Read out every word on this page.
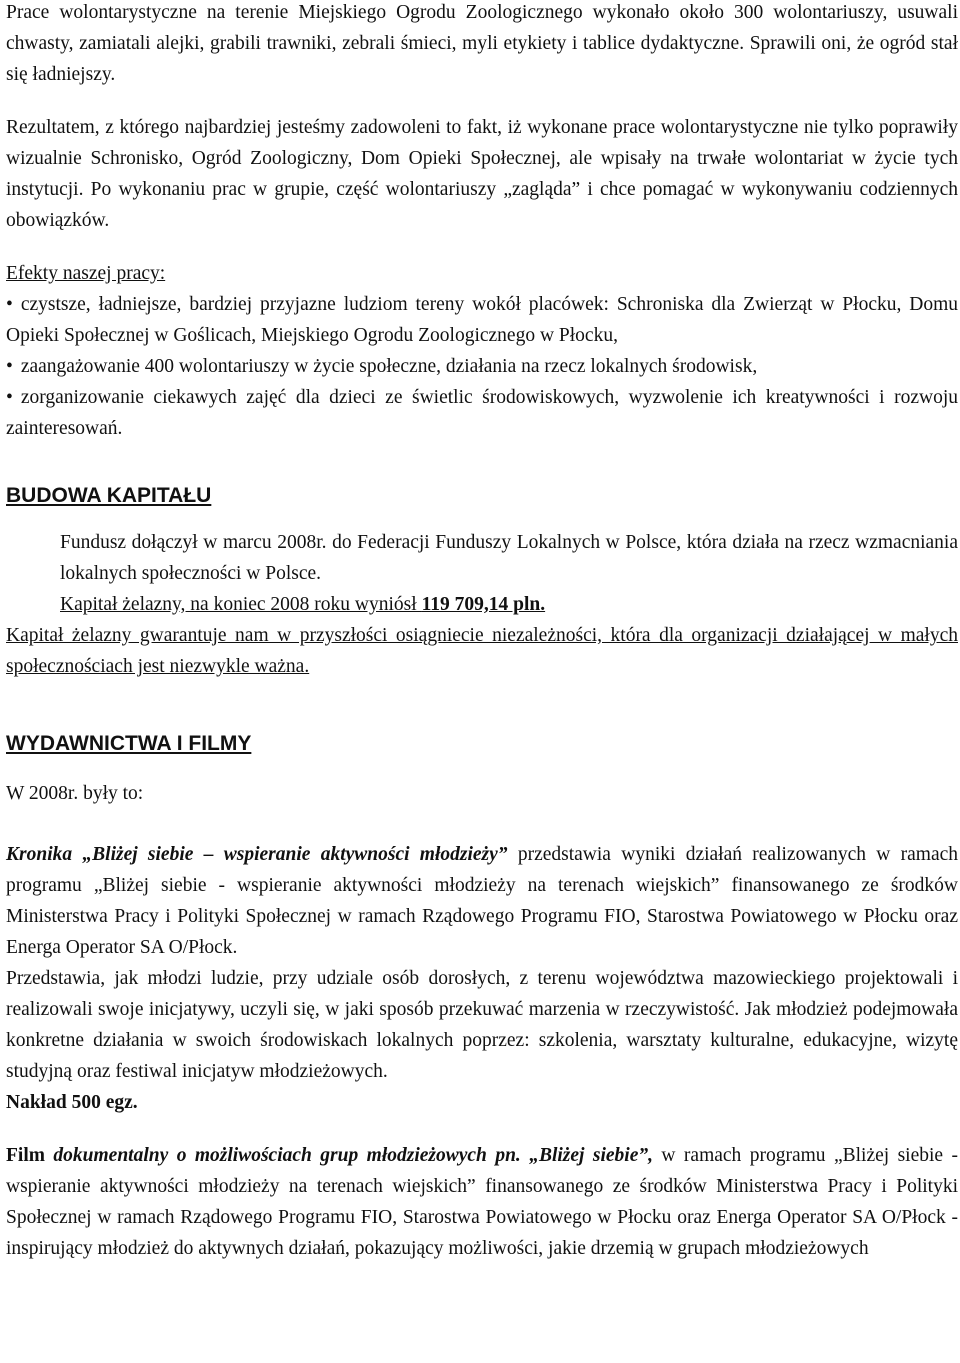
Prace wolontarystyczne na terenie Miejskiego Ogrodu Zoologicznego wykonało około 300 wolontariuszy, usuwali chwasty, zamiatali alejki, grabili trawniki, zebrali śmieci, myli etykiety i tablice dydaktyczne. Sprawili oni, że ogród stał się ładniejszy.

Rezultatem, z którego najbardziej jesteśmy zadowoleni to fakt, iż wykonane prace wolontarystyczne nie tylko poprawiły wizualnie Schronisko, Ogród Zoologiczny, Dom Opieki Społecznej, ale wpisały na trwałe wolontariat w życie tych instytucji. Po wykonaniu prac w grupie, część wolontariuszy „zagląda” i chce pomagać w wykonywaniu codziennych obowiązków.

Efekty naszej pracy:

• czystsze, ładniejsze, bardziej przyjazne ludziom tereny wokół placówek: Schroniska dla Zwierząt w Płocku, Domu Opieki Społecznej w Goślicach, Miejskiego Ogrodu Zoologicznego w Płocku,

• zaangażowanie 400 wolontariuszy w życie społeczne, działania na rzecz lokalnych środowisk,

• zorganizowanie ciekawych zajęć dla dzieci ze świetlic środowiskowych, wyzwolenie ich kreatywności i rozwoju zainteresowań.

BUDOWA KAPITAŁU

Fundusz dołączył w marcu 2008r. do Federacji Funduszy Lokalnych w Polsce, która działa na rzecz wzmacniania lokalnych społeczności w Polsce.

Kapitał żelazny, na koniec 2008 roku wyniósł 119 709,14 pln.

Kapitał żelazny gwarantuje nam w przyszłości osiągniecie niezależności, która dla organizacji działającej w małych społecznościach jest niezwykle ważna.

WYDAWNICTWA I FILMY

W 2008r. były to:

Kronika „Bliżej siebie – wspieranie aktywności młodzieży” przedstawia wyniki działań realizowanych w ramach programu „Bliżej siebie - wspieranie aktywności młodzieży na terenach wiejskich” finansowanego ze środków Ministerstwa Pracy i Polityki Społecznej w ramach Rządowego Programu FIO, Starostwa Powiatowego w Płocku oraz Energa Operator SA O/Płock.

Przedstawia, jak młodzi ludzie, przy udziale osób dorosłych, z terenu województwa mazowieckiego projektowali i realizowali swoje inicjatywy, uczyli się, w jaki sposób przekuwać marzenia w rzeczywistość. Jak młodzież podejmowała konkretne działania w swoich środowiskach lokalnych poprzez: szkolenia, warsztaty kulturalne, edukacyjne, wizytę studyjną oraz festiwal inicjatyw młodzieżowych.

Nakład 500 egz.

Film dokumentalny o możliwościach grup młodzieżowych pn. „Bliżej siebie”, w ramach programu „Bliżej siebie - wspieranie aktywności młodzieży na terenach wiejskich” finansowanego ze środków Ministerstwa Pracy i Polityki Społecznej w ramach Rządowego Programu FIO, Starostwa Powiatowego w Płocku oraz Energa Operator SA O/Płock - inspirujący młodzież do aktywnych działań, pokazujący możliwości, jakie drzemią w grupach młodzieżowych
